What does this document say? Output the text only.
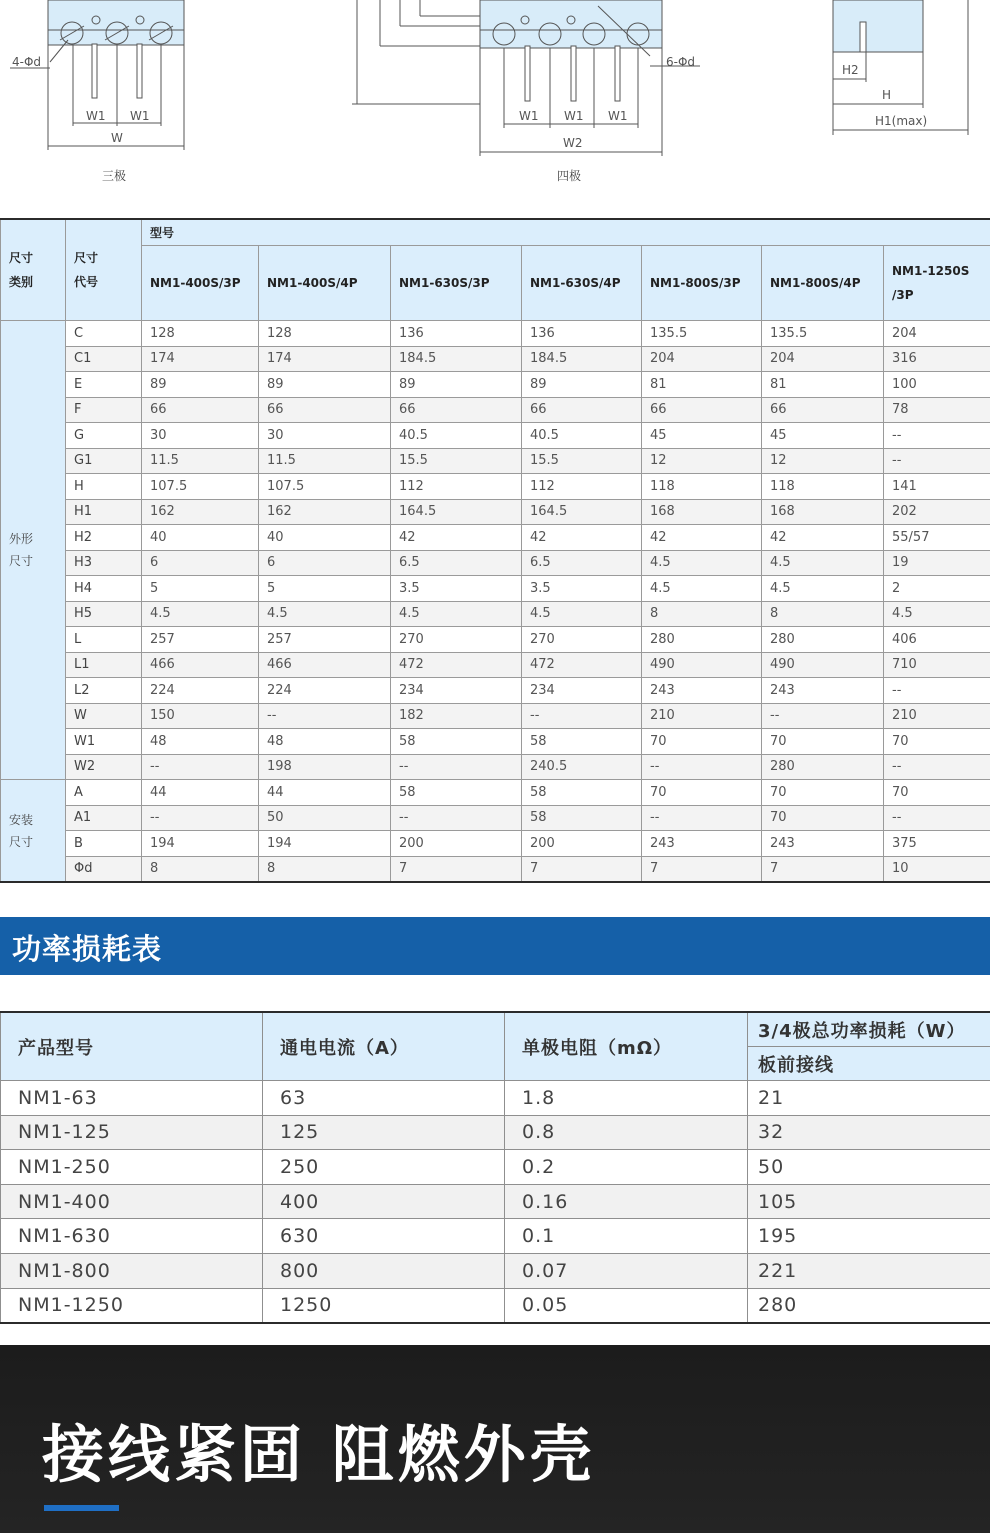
4-Φd
W1 W1
W
6-Φd
W1 W1 W1
W2
H2
H
H1(max)
三极	四极
尺寸
类别	尺寸
代号	型号						
		NM1-400S/3P	NM1-400S/4P	NM1-630S/3P	NM1-630S/4P	NM1-800S/3P	NM1-800S/4P	NM1-1250S
/3P
外形
尺寸	C	128	128	136	136	135.5	135.5	204
	C1	174	174	184.5	184.5	204	204	316
	E	89	89	89	89	81	81	100
	F	66	66	66	66	66	66	78
	G	30	30	40.5	40.5	45	45	--
	G1	11.5	11.5	15.5	15.5	12	12	--
	H	107.5	107.5	112	112	118	118	141
	H1	162	162	164.5	164.5	168	168	202
	H2	40	40	42	42	42	42	55/57
	H3	6	6	6.5	6.5	4.5	4.5	19
	H4	5	5	3.5	3.5	4.5	4.5	2
	H5	4.5	4.5	4.5	4.5	8	8	4.5
	L	257	257	270	270	280	280	406
	L1	466	466	472	472	490	490	710
	L2	224	224	234	234	243	243	--
	W	150	--	182	--	210	--	210
	W1	48	48	58	58	70	70	70
	W2	--	198	--	240.5	--	280	--
安装
尺寸	A	44	44	58	58	70	70	70
	A1	--	50	--	58	--	70	--
	B	194	194	200	200	243	243	375
	Φd	8	8	7	7	7	7	10
功率损耗表
产品型号	通电电流（A）	单极电阻（mΩ）	3/4极总功率损耗（W）
			板前接线
NM1-63	63	1.8	21
NM1-125	125	0.8	32
NM1-250	250	0.2	50
NM1-400	400	0.16	105
NM1-630	630	0.1	195
NM1-800	800	0.07	221
NM1-1250	1250	0.05	280
接线紧固 阻燃外壳
